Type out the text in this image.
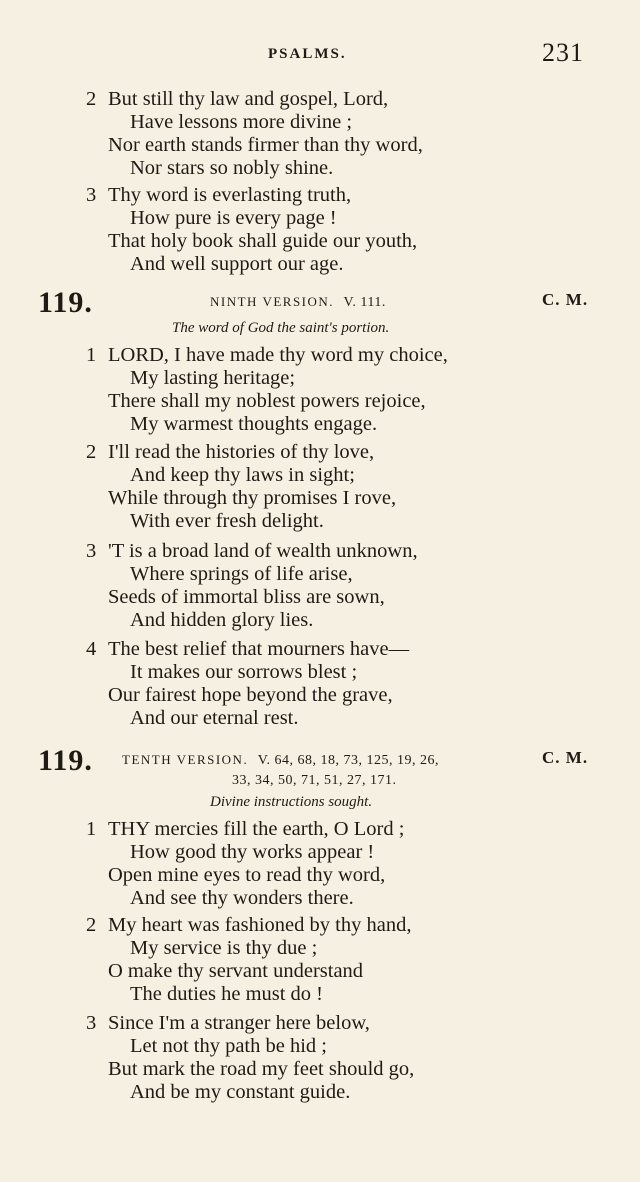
PSALMS.	231
2 But still thy law and gospel, Lord,
Have lessons more divine ;
Nor earth stands firmer than thy word,
Nor stars so nobly shine.
3 Thy word is everlasting truth,
How pure is every page !
That holy book shall guide our youth,
And well support our age.
119.	NINTH VERSION. V. 111.	C. M.
The word of God the saint's portion.
1 LORD, I have made thy word my choice,
My lasting heritage;
There shall my noblest powers rejoice,
My warmest thoughts engage.
2 I'll read the histories of thy love,
And keep thy laws in sight;
While through thy promises I rove,
With ever fresh delight.
3 'T is a broad land of wealth unknown,
Where springs of life arise,
Seeds of immortal bliss are sown,
And hidden glory lies.
4 The best relief that mourners have—
It makes our sorrows blest ;
Our fairest hope beyond the grave,
And our eternal rest.
119. TENTH VERSION. V. 64, 68, 18, 73, 125, 19, 26,
33, 34, 50, 71, 51, 27, 171.
C. M.
Divine instructions sought.
1 THY mercies fill the earth, O Lord ;
How good thy works appear !
Open mine eyes to read thy word,
And see thy wonders there.
2 My heart was fashioned by thy hand,
My service is thy due ;
O make thy servant understand
The duties he must do !
3 Since I'm a stranger here below,
Let not thy path be hid ;
But mark the road my feet should go,
And be my constant guide.
